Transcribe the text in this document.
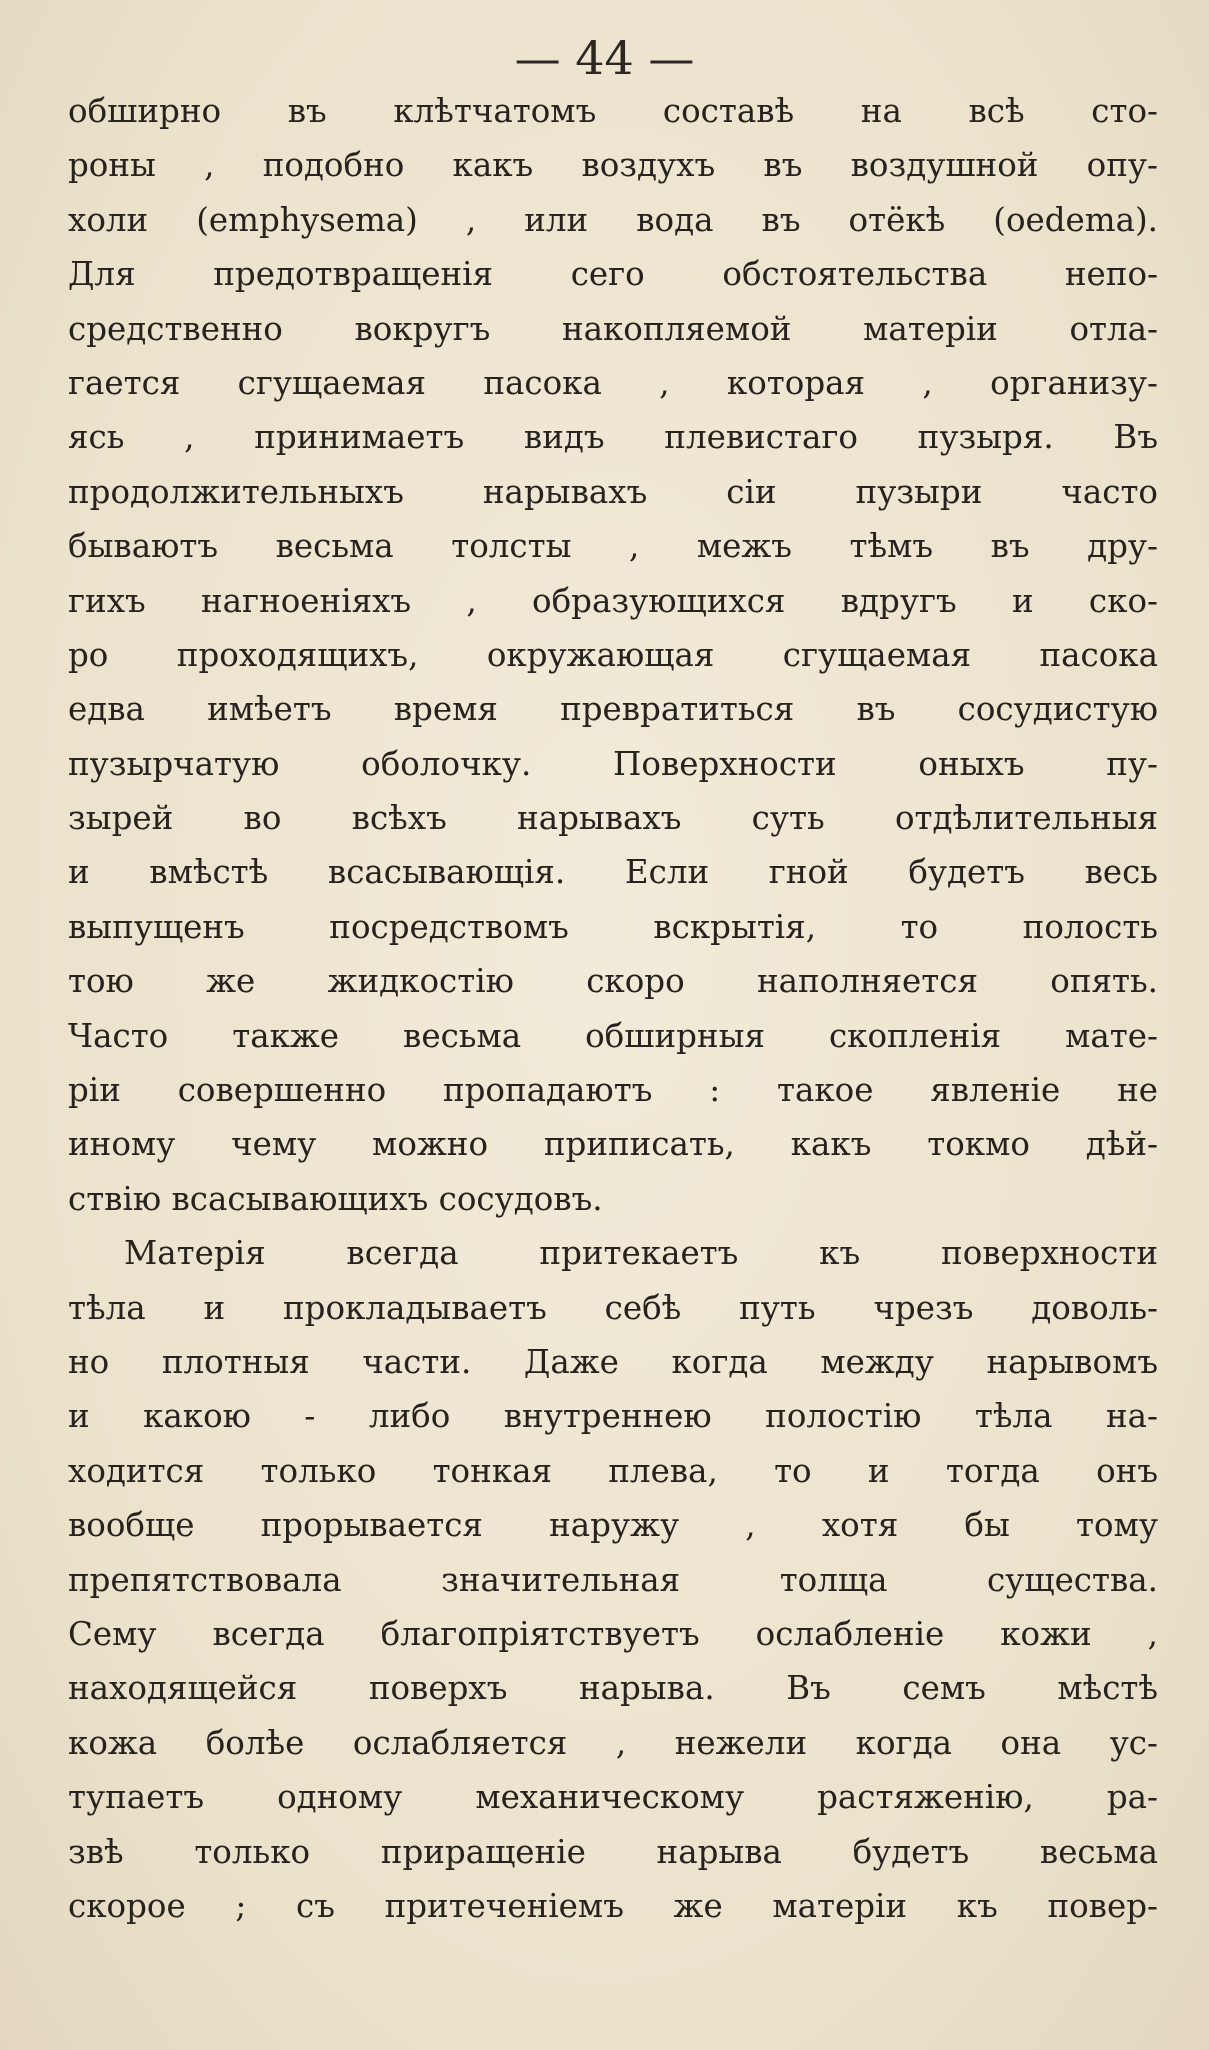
— 44 —
обширно въ клѣтчатомъ составѣ на всѣ сто-
роны , подобно какъ воздухъ въ воздушной опу-
холи (emphysema) , или вода въ отёкѣ (oedema).
Для предотвращенія сего обстоятельства непо-
средственно вокругъ накопляемой матеріи отла-
гается сгущаемая пасока , которая , организу-
ясь , принимаетъ видъ плевистаго пузыря. Въ
продолжительныхъ нарывахъ сіи пузыри часто
бываютъ весьма толсты , межъ тѣмъ въ дру-
гихъ нагноеніяхъ , образующихся вдругъ и ско-
ро проходящихъ, окружающая сгущаемая пасока
едва имѣетъ время превратиться въ сосудистую
пузырчатую оболочку. Поверхности оныхъ пу-
зырей во всѣхъ нарывахъ суть отдѣлительныя
и вмѣстѣ всасывающія. Если гной будетъ весь
выпущенъ посредствомъ вскрытія, то полость
тою же жидкостію скоро наполняется опять.
Часто также весьма обширныя скопленія мате-
ріи совершенно пропадаютъ : такое явленіе не
иному чему можно приписать, какъ токмо дѣй-
ствію всасывающихъ сосудовъ.
Матерія всегда притекаетъ къ поверхности
тѣла и прокладываетъ себѣ путь чрезъ доволь-
но плотныя части. Даже когда между нарывомъ
и какою - либо внутреннею полостію тѣла на-
ходится только тонкая плева, то и тогда онъ
вообще прорывается наружу , хотя бы тому
препятствовала значительная толща существа.
Сему всегда благопріятствуетъ ослабленіе кожи ,
находящейся поверхъ нарыва. Въ семъ мѣстѣ
кожа болѣе ослабляется , нежели когда она ус-
тупаетъ одному механическому растяженію, ра-
звѣ только приращеніе нарыва будетъ весьма
скорое ; съ притеченіемъ же матеріи къ повер-
